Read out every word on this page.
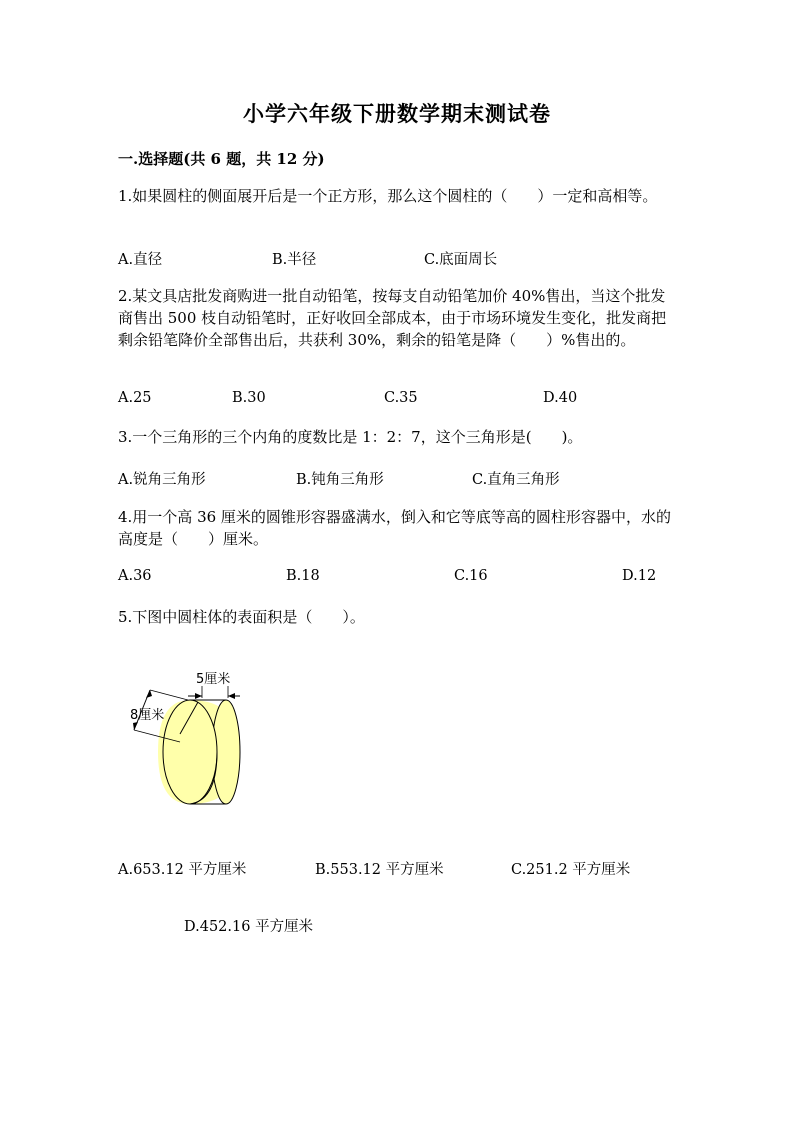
小学六年级下册数学期末测试卷
一.选择题(共 6 题，共 12 分)
1.如果圆柱的侧面展开后是一个正方形，那么这个圆柱的（　　）一定和高相等。
A.直径	B.半径	C.底面周长
2.某文具店批发商购进一批自动铅笔，按每支自动铅笔加价 40%售出，当这个批发商售出 500 枝自动铅笔时，正好收回全部成本，由于市场环境发生变化，批发商把剩余铅笔降价全部售出后，共获利 30%，剩余的铅笔是降（　　）%售出的。
A.25	B.30	C.35	D.40
3.一个三角形的三个内角的度数比是 1：2：7，这个三角形是(　　)。
A.锐角三角形	B.钝角三角形	C.直角三角形
4.用一个高 36 厘米的圆锥形容器盛满水，倒入和它等底等高的圆柱形容器中，水的高度是（　　）厘米。
A.36	B.18	C.16	D.12
5.下图中圆柱体的表面积是（　　）。
5厘米
8厘米
A.653.12 平方厘米	B.553.12 平方厘米	C.251.2 平方厘米
D.452.16 平方厘米
